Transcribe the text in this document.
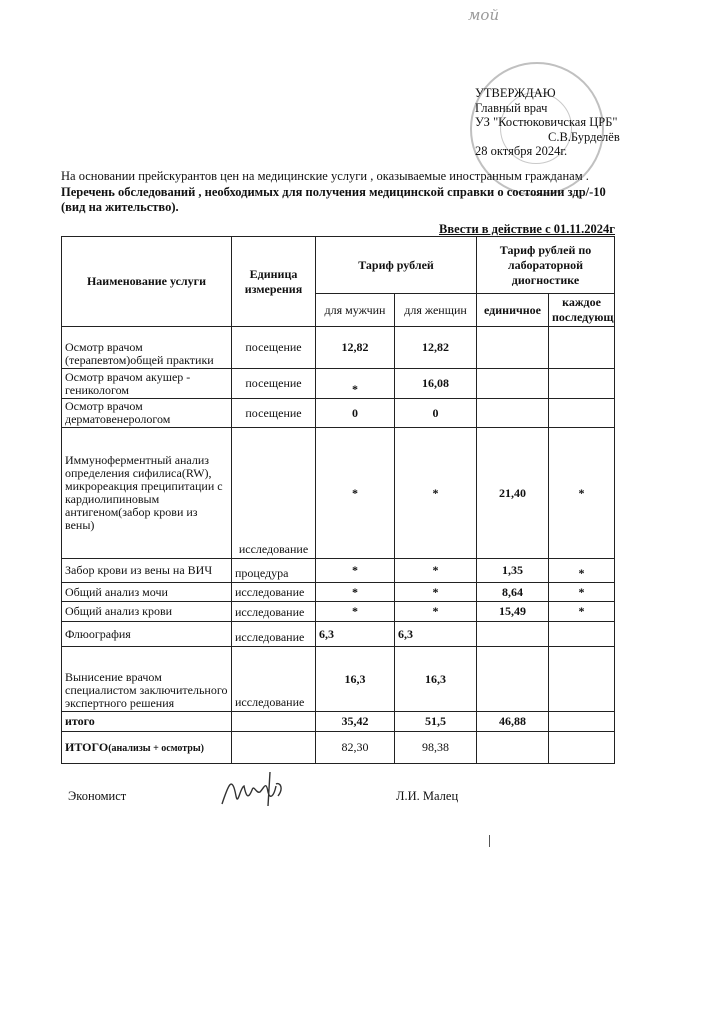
мой
УТВЕРЖДАЮ
Главный врач
УЗ "Костюковичская ЦРБ"
С.В.Бурделёв
28 октября 2024г.
На основании прейскурантов цен на медицинские услуги , оказываемые иностранным гражданам .
Перечень обследований , необходимых для получения медицинской справки о состоянии здр/-10 (вид на жительство).
Ввести в действие с 01.11.2024г
Наименование услуги	Единица измерения	Тариф рублей		Тариф рублей по лабораторной диогностике	
		для мужчин	для женщин	единичное	каждое последующ
Осмотр врачом (терапевтом)общей практики	посещение	12,82	12,82		
Осмотр врачом акушер - геникологом	посещение	*	16,08		
Осмотр врачом дерматовенерологом	посещение	0	0		
Иммуноферментный анализ определения сифилиса(RW), микрореакция преципитации с кардиолипиновым антигеном(забор крови из вены)	исследование	*	*	21,40	*
Забор крови из вены на ВИЧ	процедура	*	*	1,35	*
Общий анализ мочи	исследование	*	*	8,64	*
Общий анализ крови	исследование	*	*	15,49	*
Флюография	исследование	6,3	6,3		
Вынисение врачом специалистом заключительного экспертного решения	исследование	16,3	16,3		
итого		35,42	51,5	46,88	
ИТОГО(анализы + осмотры)		82,30	98,38		
Экономист	Л.И. Малец
